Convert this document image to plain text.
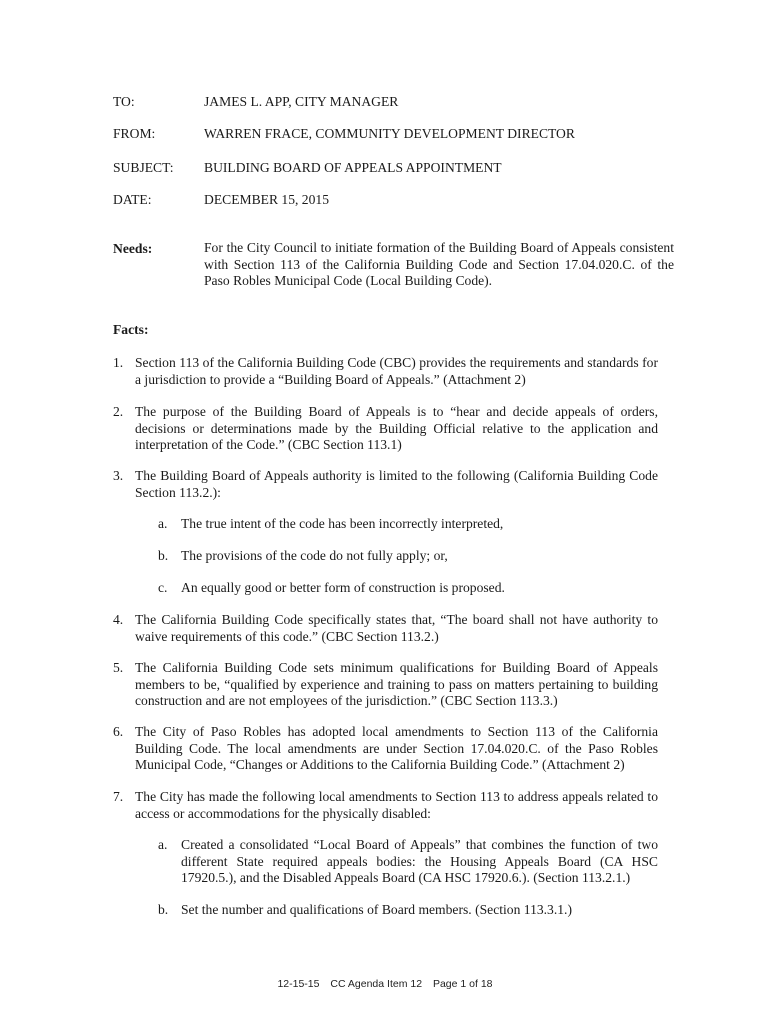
TO:	JAMES L. APP, CITY MANAGER
FROM:	WARREN FRACE, COMMUNITY DEVELOPMENT DIRECTOR
SUBJECT: BUILDING BOARD OF APPEALS APPOINTMENT
DATE:	DECEMBER 15, 2015
Needs:	For the City Council to initiate formation of the Building Board of Appeals consistent with Section 113 of the California Building Code and Section 17.04.020.C. of the Paso Robles Municipal Code (Local Building Code).
Facts:
1. Section 113 of the California Building Code (CBC) provides the requirements and standards for a jurisdiction to provide a “Building Board of Appeals.” (Attachment 2)
2. The purpose of the Building Board of Appeals is to “hear and decide appeals of orders, decisions or determinations made by the Building Official relative to the application and interpretation of the Code.” (CBC Section 113.1)
3. The Building Board of Appeals authority is limited to the following (California Building Code Section 113.2.):
a. The true intent of the code has been incorrectly interpreted,
b. The provisions of the code do not fully apply; or,
c. An equally good or better form of construction is proposed.
4. The California Building Code specifically states that, “The board shall not have authority to waive requirements of this code.” (CBC Section 113.2.)
5. The California Building Code sets minimum qualifications for Building Board of Appeals members to be, “qualified by experience and training to pass on matters pertaining to building construction and are not employees of the jurisdiction.” (CBC Section 113.3.)
6. The City of Paso Robles has adopted local amendments to Section 113 of the California Building Code. The local amendments are under Section 17.04.020.C. of the Paso Robles Municipal Code, “Changes or Additions to the California Building Code.” (Attachment 2)
7. The City has made the following local amendments to Section 113 to address appeals related to access or accommodations for the physically disabled:
a. Created a consolidated “Local Board of Appeals” that combines the function of two different State required appeals bodies: the Housing Appeals Board (CA HSC 17920.5.), and the Disabled Appeals Board (CA HSC 17920.6.). (Section 113.2.1.)
b. Set the number and qualifications of Board members. (Section 113.3.1.)
12-15-15 CC Agenda Item 12 Page 1 of 18
